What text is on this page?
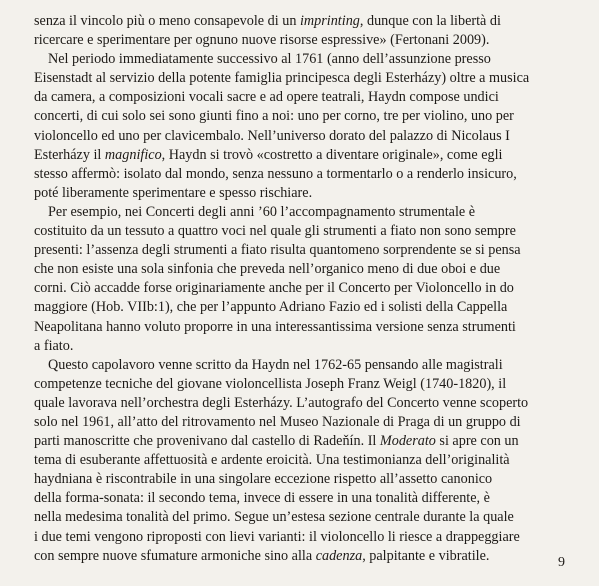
senza il vincolo più o meno consapevole di un imprinting, dunque con la libertà di
ricercare e sperimentare per ognuno nuove risorse espressive» (Fertonani 2009).
Nel periodo immediatamente successivo al 1761 (anno dell’assunzione presso
Eisenstadt al servizio della potente famiglia principesca degli Esterházy) oltre a musica
da camera, a composizioni vocali sacre e ad opere teatrali, Haydn compose undici
concerti, di cui solo sei sono giunti fino a noi: uno per corno, tre per violino, uno per
violoncello ed uno per clavicembalo. Nell’universo dorato del palazzo di Nicolaus I
Esterházy il magnifico, Haydn si trovò «costretto a diventare originale», come egli
stesso affermò: isolato dal mondo, senza nessuno a tormentarlo o a renderlo insicuro,
poté liberamente sperimentare e spesso rischiare.
Per esempio, nei Concerti degli anni ’60 l’accompagnamento strumentale è
costituito da un tessuto a quattro voci nel quale gli strumenti a fiato non sono sempre
presenti: l’assenza degli strumenti a fiato risulta quantomeno sorprendente se si pensa
che non esiste una sola sinfonia che preveda nell’organico meno di due oboi e due
corni. Ciò accadde forse originariamente anche per il Concerto per Violoncello in do
maggiore (Hob. VIIb:1), che per l’appunto Adriano Fazio ed i solisti della Cappella
Neapolitana hanno voluto proporre in una interessantissima versione senza strumenti
a fiato.
Questo capolavoro venne scritto da Haydn nel 1762-65 pensando alle magistrali
competenze tecniche del giovane violoncellista Joseph Franz Weigl (1740-1820), il
quale lavorava nell’orchestra degli Esterházy. L’autografo del Concerto venne scoperto
solo nel 1961, all’atto del ritrovamento nel Museo Nazionale di Praga di un gruppo di
parti manoscritte che provenivano dal castello di Radeňín. Il Moderato si apre con un
tema di esuberante affettuosità e ardente eroicità. Una testimonianza dell’originalità
haydniana è riscontrabile in una singolare eccezione rispetto all’assetto canonico
della forma-sonata: il secondo tema, invece di essere in una tonalità differente, è
nella medesima tonalità del primo. Segue un’estesa sezione centrale durante la quale
i due temi vengono riproposti con lievi varianti: il violoncello li riesce a drappeggiare
con sempre nuove sfumature armoniche sino alla cadenza, palpitante e vibratile.	9
